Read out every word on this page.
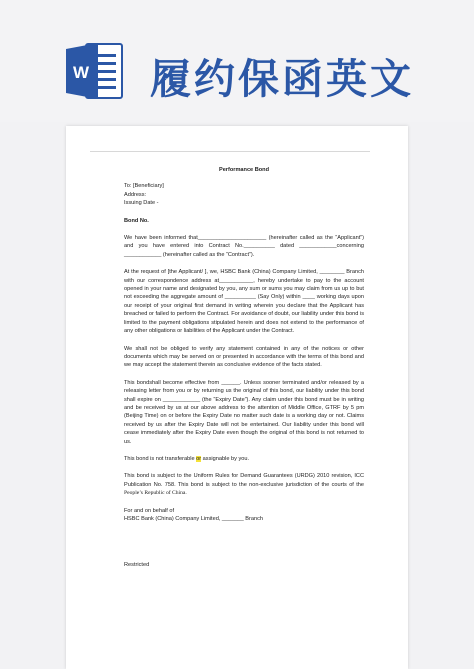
W 履约保函英文

Performance Bond

To: [Beneficiary]

Address:

Issuing Date -

Bond No.

We have been informed that______________________ (hereinafter called as the “Applicant”) and you have entered into Contract No.__________ dated ____________concerning ____________ (hereinafter called as the “Contract”).

At the request of [the Applicant/ ], we, HSBC Bank (China) Company Limited, ________ Branch with our correspondence address at___________, hereby undertake to pay to the account opened in your name and designated by you, any sum or sums you may claim from us up to but not exceeding the aggregate amount of __________ (Say Only) within ____ working days upon our receipt of your original first demand in writing wherein you declare that the Applicant has breached or failed to perform the Contract. For avoidance of doubt, our liability under this bond is limited to the payment obligations stipulated herein and does not extend to the performance of any other obligations or liabilities of the Applicant under the Contract.

We shall not be obliged to verify any statement contained in any of the notices or other documents which may be served on or presented in accordance with the terms of this bond and we may accept the statement therein as conclusive evidence of the facts stated.

This bondshall become effective from ______. Unless sooner terminated and/or released by a releasing letter from you or by returning us the original of this bond, our liability under this bond shall expire on ____________ (the “Expiry Date”). Any claim under this bond must be in writing and be received by us at our above address to the attention of Middle Office, GTRF by 5 pm (Beijing Time) on or before the Expiry Date no matter such date is a working day or not. Claims received by us after the Expiry Date will not be entertained. Our liability under this bond will cease immediately after the Expiry Date even though the original of this bond is not returned to us.

This bond is not transferable or assignable by you.

This bond is subject to the Uniform Rules for Demand Guarantees (URDG) 2010 revision, ICC Publication No. 758. This bond is subject to the non-exclusive jurisdiction of the courts of the People’s Republic of China.

For and on behalf of

HSBC Bank (China) Company Limited, _______ Branch

Restricted
